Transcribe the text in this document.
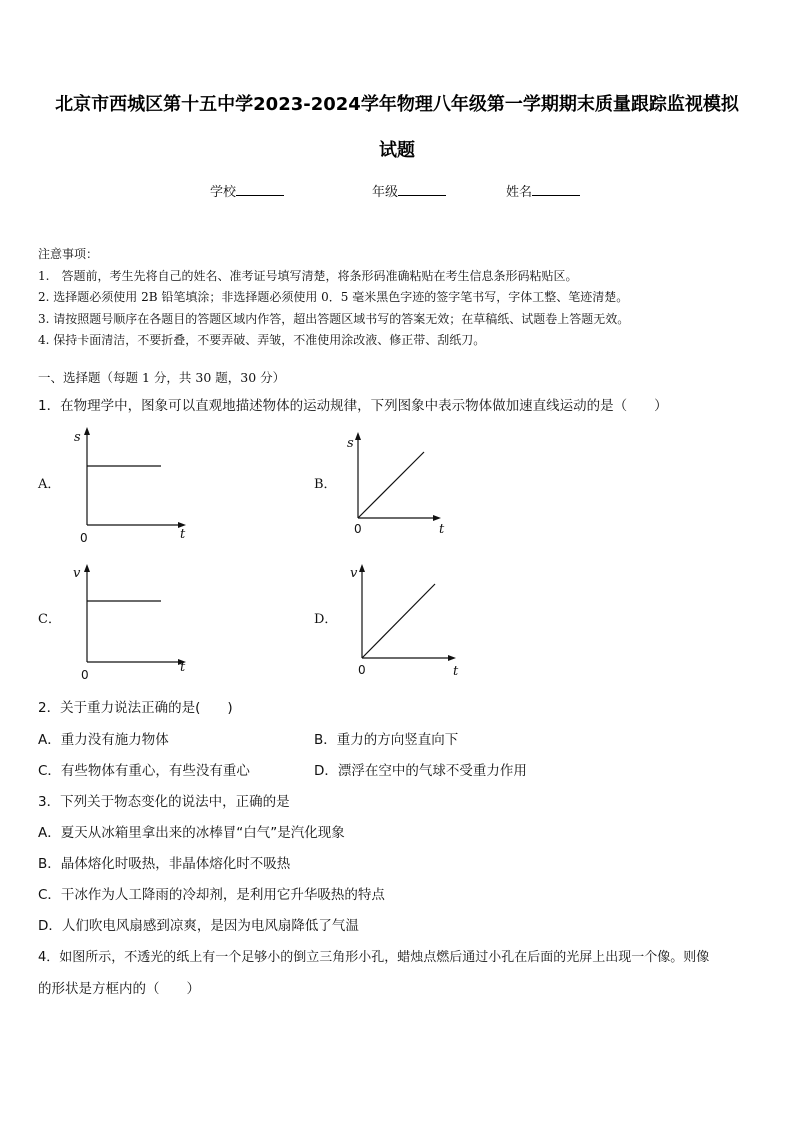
北京市西城区第十五中学2023-2024学年物理八年级第一学期期末质量跟踪监视模拟
试题
学校	年级	姓名
注意事项：
1.　答题前，考生先将自己的姓名、准考证号填写清楚，将条形码准确粘贴在考生信息条形码粘贴区。
2. 选择题必须使用 2B 铅笔填涂；非选择题必须使用 0．5 毫米黑色字迹的签字笔书写，字体工整、笔迹清楚。
3. 请按照题号顺序在各题目的答题区域内作答，超出答题区域书写的答案无效；在草稿纸、试题卷上答题无效。
4. 保持卡面清洁，不要折叠，不要弄破、弄皱，不准使用涂改液、修正带、刮纸刀。
一、选择题（每题 1 分，共 30 题，30 分）
1．在物理学中，图象可以直观地描述物体的运动规律，下列图象中表示物体做加速直线运动的是（　　）
A．	B．
C．	D．
s
t
0
s
t
0
v
t
0
v
t
0
2．关于重力说法正确的是(　　)
A．重力没有施力物体	B．重力的方向竖直向下
C．有些物体有重心，有些没有重心	D．漂浮在空中的气球不受重力作用
3．下列关于物态变化的说法中，正确的是
A．夏天从冰箱里拿出来的冰棒冒“白气”是汽化现象
B．晶体熔化时吸热，非晶体熔化时不吸热
C．干冰作为人工降雨的冷却剂，是利用它升华吸热的特点
D．人们吹电风扇感到凉爽，是因为电风扇降低了气温
4．如图所示，不透光的纸上有一个足够小的倒立三角形小孔，蜡烛点燃后通过小孔在后面的光屏上出现一个像。则像
的形状是方框内的（　　）
